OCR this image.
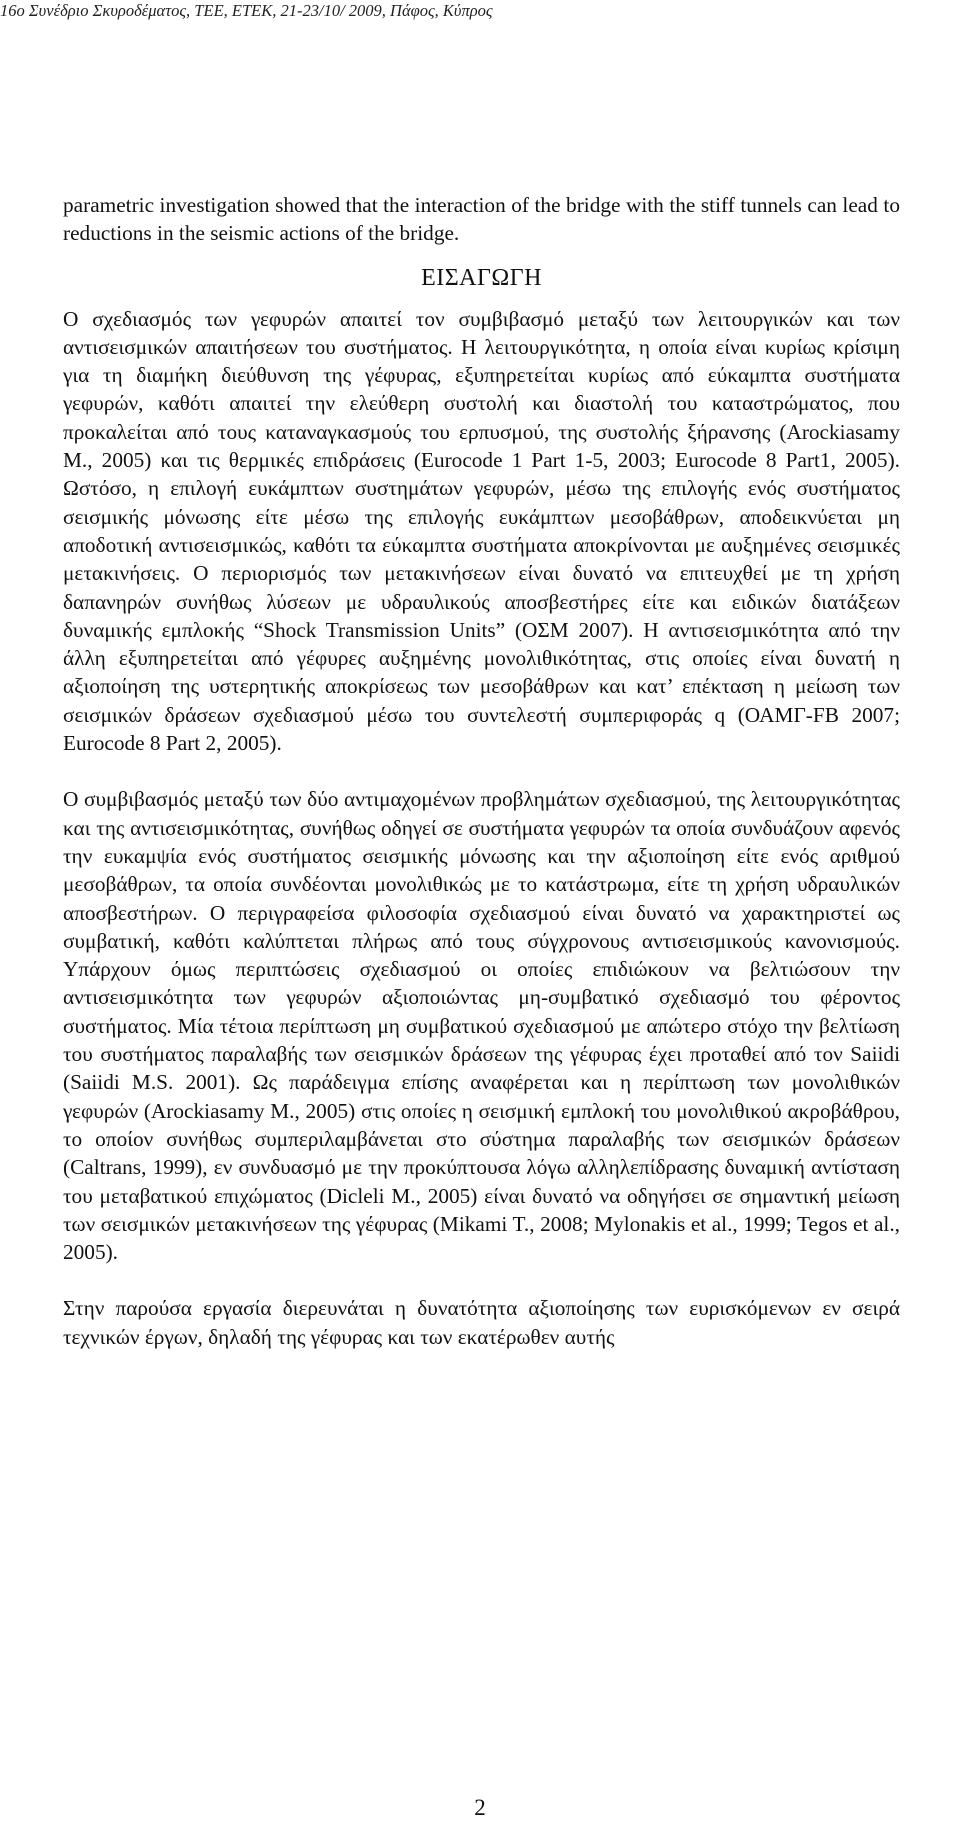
16ο Συνέδριο Σκυροδέματος, ΤΕΕ, ΕΤΕΚ, 21-23/10/ 2009, Πάφος, Κύπρος

parametric investigation showed that the interaction of the bridge with the stiff tunnels can lead to reductions in the seismic actions of the bridge.

ΕΙΣΑΓΩΓΗ

Ο σχεδιασμός των γεφυρών απαιτεί τον συμβιβασμό μεταξύ των λειτουργικών και των αντισεισμικών απαιτήσεων του συστήματος. Η λειτουργικότητα, η οποία είναι κυρίως κρίσιμη για τη διαμήκη διεύθυνση της γέφυρας, εξυπηρετείται κυρίως από εύκαμπτα συστήματα γεφυρών, καθότι απαιτεί την ελεύθερη συστολή και διαστολή του καταστρώματος, που προκαλείται από τους καταναγκασμούς του ερπυσμού, της συστολής ξήρανσης (Arockiasamy M., 2005) και τις θερμικές επιδράσεις (Eurocode 1 Part 1-5, 2003; Eurocode 8 Part1, 2005). Ωστόσο, η επιλογή ευκάμπτων συστημάτων γεφυρών, μέσω της επιλογής ενός συστήματος σεισμικής μόνωσης είτε μέσω της επιλογής ευκάμπτων μεσοβάθρων, αποδεικνύεται μη αποδοτική αντισεισμικώς, καθότι τα εύκαμπτα συστήματα αποκρίνονται με αυξημένες σεισμικές μετακινήσεις. Ο περιορισμός των μετακινήσεων είναι δυνατό να επιτευχθεί με τη χρήση δαπανηρών συνήθως λύσεων με υδραυλικούς αποσβεστήρες είτε και ειδικών διατάξεων δυναμικής εμπλοκής “Shock Transmission Units” (ΟΣΜ 2007). Η αντισεισμικότητα από την άλλη εξυπηρετείται από γέφυρες αυξημένης μονολιθικότητας, στις οποίες είναι δυνατή η αξιοποίηση της υστερητικής αποκρίσεως των μεσοβάθρων και κατ’ επέκταση η μείωση των σεισμικών δράσεων σχεδιασμού μέσω του συντελεστή συμπεριφοράς q (ΟΑΜΓ-FB 2007; Eurocode 8 Part 2, 2005).

Ο συμβιβασμός μεταξύ των δύο αντιμαχομένων προβλημάτων σχεδιασμού, της λειτουργικότητας και της αντισεισμικότητας, συνήθως οδηγεί σε συστήματα γεφυρών τα οποία συνδυάζουν αφενός την ευκαμψία ενός συστήματος σεισμικής μόνωσης και την αξιοποίηση είτε ενός αριθμού μεσοβάθρων, τα οποία συνδέονται μονολιθικώς με το κατάστρωμα, είτε τη χρήση υδραυλικών αποσβεστήρων. Ο περιγραφείσα φιλοσοφία σχεδιασμού είναι δυνατό να χαρακτηριστεί ως συμβατική, καθότι καλύπτεται πλήρως από τους σύγχρονους αντισεισμικούς κανονισμούς. Υπάρχουν όμως περιπτώσεις σχεδιασμού οι οποίες επιδιώκουν να βελτιώσουν την αντισεισμικότητα των γεφυρών αξιοποιώντας μη-συμβατικό σχεδιασμό του φέροντος συστήματος. Μία τέτοια περίπτωση μη συμβατικού σχεδιασμού με απώτερο στόχο την βελτίωση του συστήματος παραλαβής των σεισμικών δράσεων της γέφυρας έχει προταθεί από τον Saiidi (Saiidi M.S. 2001). Ως παράδειγμα επίσης αναφέρεται και η περίπτωση των μονολιθικών γεφυρών (Arockiasamy M., 2005) στις οποίες η σεισμική εμπλοκή του μονολιθικού ακροβάθρου, το οποίον συνήθως συμπεριλαμβάνεται στο σύστημα παραλαβής των σεισμικών δράσεων (Caltrans, 1999), εν συνδυασμό με την προκύπτουσα λόγω αλληλεπίδρασης δυναμική αντίσταση του μεταβατικού επιχώματος (Dicleli M., 2005) είναι δυνατό να οδηγήσει σε σημαντική μείωση των σεισμικών μετακινήσεων της γέφυρας (Mikami T., 2008; Mylonakis et al., 1999; Tegos et al., 2005).

Στην παρούσα εργασία διερευνάται η δυνατότητα αξιοποίησης των ευρισκόμενων εν σειρά τεχνικών έργων, δηλαδή της γέφυρας και των εκατέρωθεν αυτής

2
